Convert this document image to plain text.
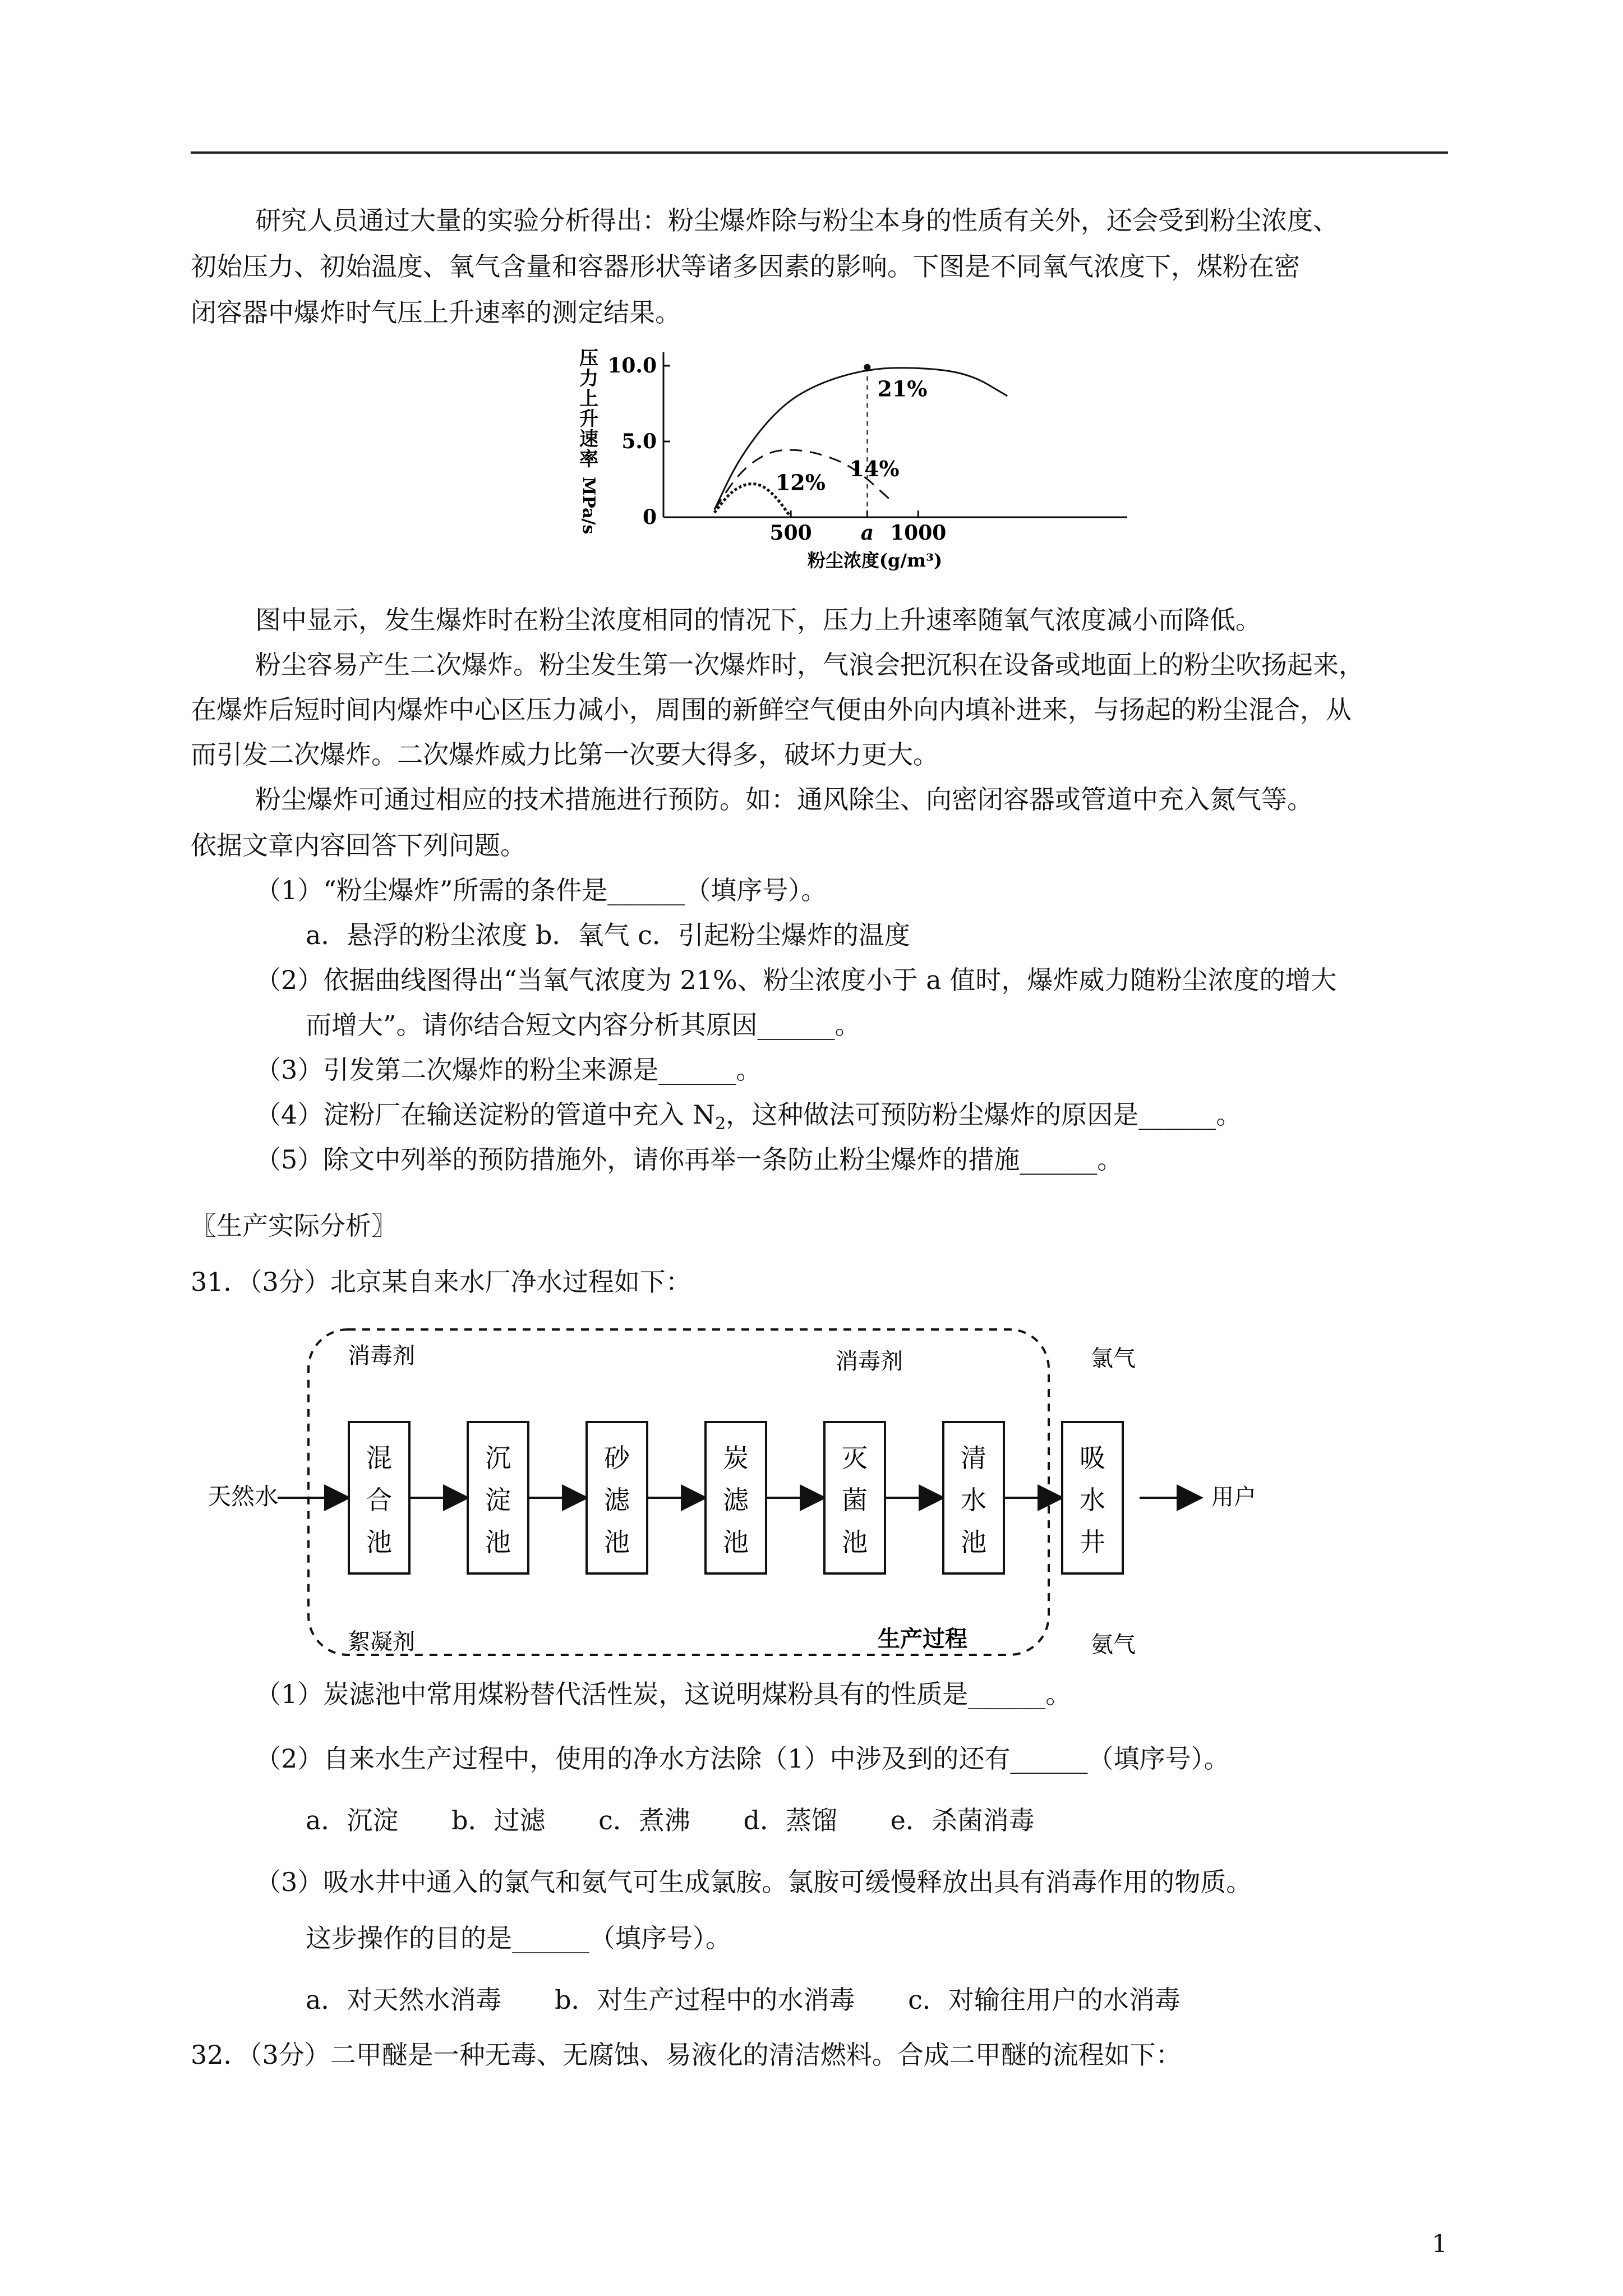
研究人员通过大量的实验分析得出：粉尘爆炸除与粉尘本身的性质有关外，还会受到粉尘浓度、
初始压力、初始温度、氧气含量和容器形状等诸多因素的影响。下图是不同氧气浓度下，煤粉在密
闭容器中爆炸时气压上升速率的测定结果。
压
力
上
升
速
率
MPa/s 0
5.0
10.0
500 a 1000
21%
14%
12%
粉尘浓度(g/m³)
图中显示，发生爆炸时在粉尘浓度相同的情况下，压力上升速率随氧气浓度减小而降低。
粉尘容易产生二次爆炸。粉尘发生第一次爆炸时，气浪会把沉积在设备或地面上的粉尘吹扬起来，
在爆炸后短时间内爆炸中心区压力减小，周围的新鲜空气便由外向内填补进来，与扬起的粉尘混合，从
而引发二次爆炸。二次爆炸威力比第一次要大得多，破坏力更大。
粉尘爆炸可通过相应的技术措施进行预防。如：通风除尘、向密闭容器或管道中充入氮气等。
依据文章内容回答下列问题。
（1）“粉尘爆炸”所需的条件是______（填序号）。
a．悬浮的粉尘浓度 b．氧气 c．引起粉尘爆炸的温度
（2）依据曲线图得出“当氧气浓度为 21%、粉尘浓度小于 a 值时，爆炸威力随粉尘浓度的增大
而增大”。请你结合短文内容分析其原因______。
（3）引发第二次爆炸的粉尘来源是______。
（4）淀粉厂在输送淀粉的管道中充入 $N_2$，这种做法可预防粉尘爆炸的原因是______。
（5）除文中列举的预防措施外，请你再举一条防止粉尘爆炸的措施______。
〖生产实际分析〗
31．（3分）北京某自来水厂净水过程如下：
消毒剂	消毒剂	氯气
絮凝剂	生产过程	氨气
天然水	用户
混
合
池
沉
淀
池
砂
滤
池
炭
滤
池
灭
菌
池
清
水
池
吸
水
井
（1）炭滤池中常用煤粉替代活性炭，这说明煤粉具有的性质是______。
（2）自来水生产过程中，使用的净水方法除（1）中涉及到的还有______（填序号）。
a．沉淀 b．过滤 c．煮沸 d．蒸馏 e．杀菌消毒
（3）吸水井中通入的氯气和氨气可生成氯胺。氯胺可缓慢释放出具有消毒作用的物质。
这步操作的目的是______（填序号）。
a．对天然水消毒 b．对生产过程中的水消毒 c．对输往用户的水消毒
32．（3分）二甲醚是一种无毒、无腐蚀、易液化的清洁燃料。合成二甲醚的流程如下：
1
